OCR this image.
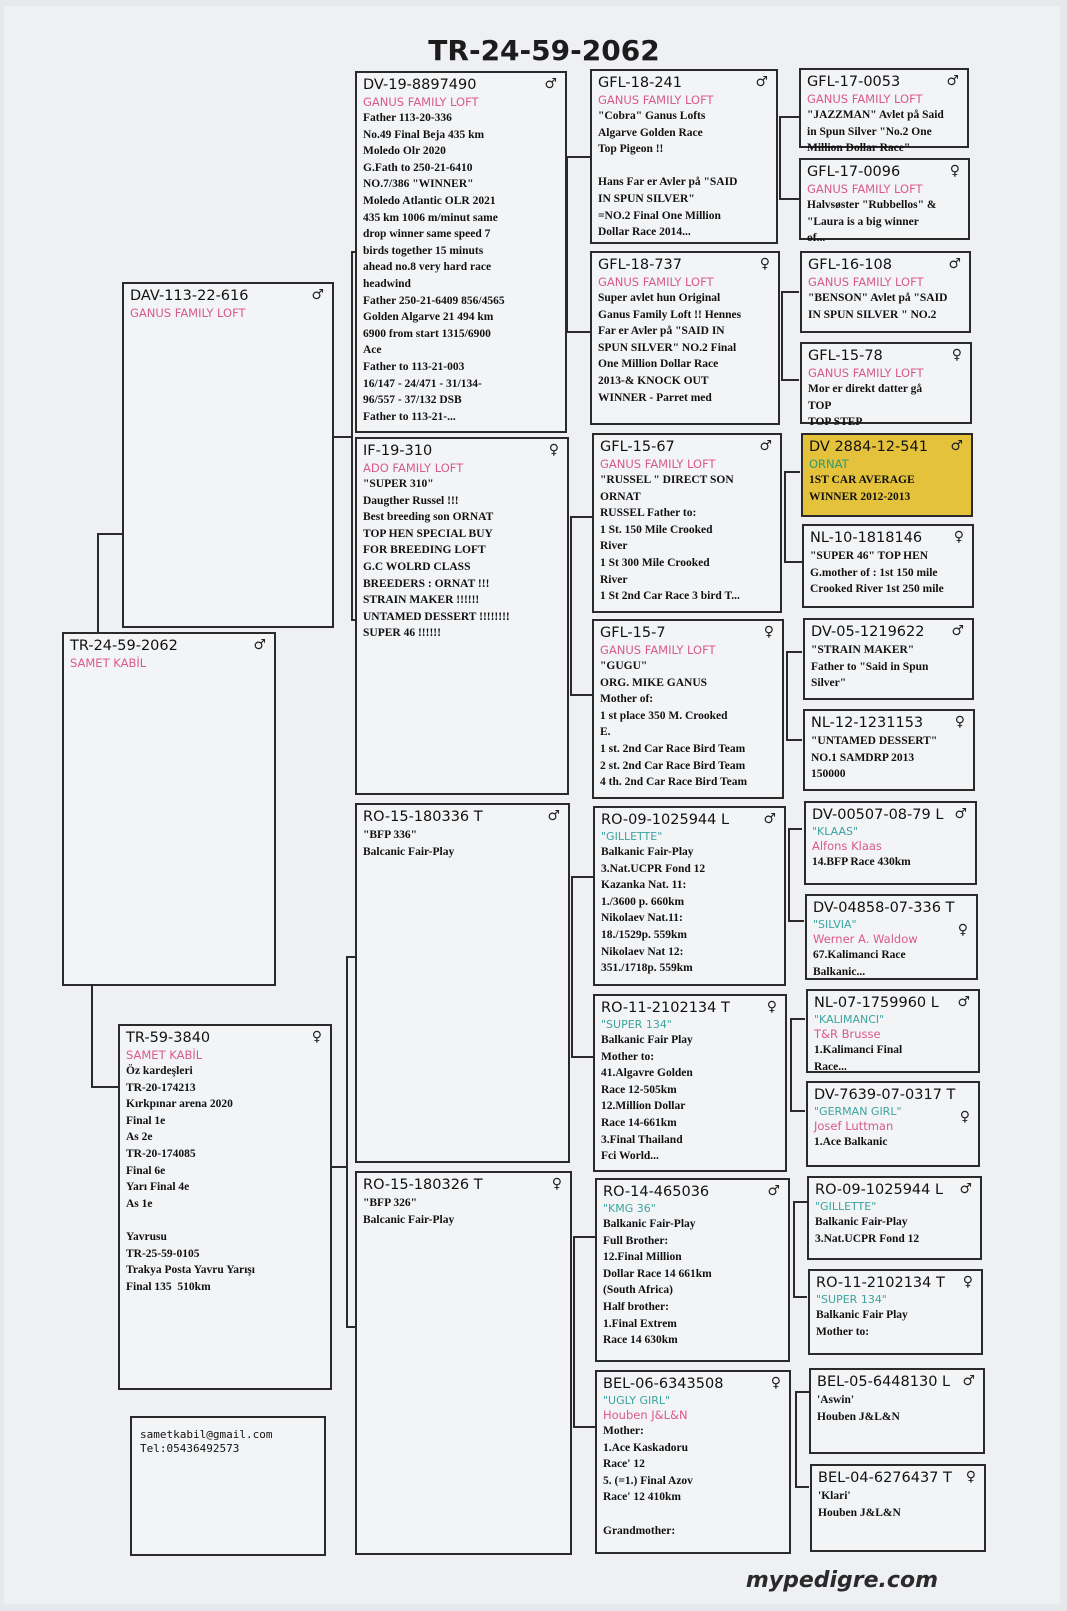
TR-24-59-2062
TR-24-59-2062	♂
SAMET KABİL
DAV-113-22-616	♂
GANUS FAMILY LOFT
TR-59-3840	♀
SAMET KABİL
Öz kardeşleri
TR-20-174213
Kırkpınar arena 2020
Final 1e
As 2e
TR-20-174085
Final 6e
Yarı Final 4e
As 1e

Yavrusu
TR-25-59-0105
Trakya Posta Yavru Yarışı
Final 135  510km
sametkabil@gmail.com
Tel:05436492573
DV-19-8897490	♂
GANUS FAMILY LOFT
Father 113-20-336
No.49 Final Beja 435 km
Moledo Olr 2020
G.Fath to 250-21-6410
NO.7/386 "WINNER"
Moledo Atlantic OLR 2021
435 km 1006 m/minut same
drop winner same speed 7
birds together 15 minuts
ahead no.8 very hard race
headwind
Father 250-21-6409 856/4565
Golden Algarve 21 494 km
6900 from start 1315/6900
Ace
Father to 113-21-003
16/147 - 24/471 - 31/134-
96/557 - 37/132 DSB
Father to 113-21-...
IF-19-310	♀
ADO FAMILY LOFT
"SUPER 310"
Daugther Russel !!!
Best breeding son ORNAT
TOP HEN SPECIAL BUY
FOR BREEDING LOFT
G.C WOLRD CLASS
BREEDERS : ORNAT !!!
STRAIN MAKER !!!!!!
UNTAMED DESSERT !!!!!!!!
SUPER 46 !!!!!!
RO-15-180336 T	♂
"BFP 336"
Balcanic Fair-Play
RO-15-180326 T	♀
"BFP 326"
Balcanic Fair-Play
GFL-18-241	♂
GANUS FAMILY LOFT
"Cobra" Ganus Lofts
Algarve Golden Race
Top Pigeon !!

Hans Far er Avler på "SAID
IN SPUN SILVER"
=NO.2 Final One Million
Dollar Race 2014...
GFL-18-737	♀
GANUS FAMILY LOFT
Super avlet hun Original
Ganus Family Loft !! Hennes
Far er Avler på "SAID IN
SPUN SILVER" NO.2 Final
One Million Dollar Race
2013-& KNOCK OUT
WINNER - Parret med
GFL-15-67	♂
GANUS FAMILY LOFT
"RUSSEL " DIRECT SON
ORNAT
RUSSEL Father to:
1 St. 150 Mile Crooked
River
1 St 300 Mile Crooked
River
1 St 2nd Car Race 3 bird T...
GFL-15-7	♀
GANUS FAMILY LOFT
"GUGU"
ORG. MIKE GANUS
Mother of:
1 st place 350 M. Crooked
E.
1 st. 2nd Car Race Bird Team
2 st. 2nd Car Race Bird Team
4 th. 2nd Car Race Bird Team
RO-09-1025944 L	♂
"GILLETTE"
Balkanic Fair-Play
3.Nat.UCPR Fond 12
Kazanka Nat. 11:
1./3600 p. 660km
Nikolaev Nat.11:
18./1529p. 559km
Nikolaev Nat 12:
351./1718p. 559km
RO-11-2102134 T	♀
"SUPER 134"
Balkanic Fair Play
Mother to:
41.Algavre Golden
Race 12-505km
12.Million Dollar
Race 14-661km
3.Final Thailand
Fci World...
RO-14-465036	♂
"KMG 36"
Balkanic Fair-Play
Full Brother:
12.Final Million
Dollar Race 14 661km
(South Africa)
Half brother:
1.Final Extrem
Race 14 630km
BEL-06-6343508	♀
"UGLY GIRL"
Houben J&L&N
Mother:
1.Ace Kaskadoru
Race' 12
5. (=1.) Final Azov
Race' 12 410km

Grandmother:
GFL-17-0053	♂
GANUS FAMILY LOFT
"JAZZMAN" Avlet på Said
in Spun Silver "No.2 One
Million Dollar Race"
GFL-17-0096	♀
GANUS FAMILY LOFT
Halvsøster "Rubbellos" &
"Laura is a big winner
of...
GFL-16-108	♂
GANUS FAMILY LOFT
"BENSON" Avlet på "SAID
IN SPUN SILVER " NO.2
GFL-15-78	♀
GANUS FAMILY LOFT
Mor er direkt datter gå
TOP
TOP STEP
DV 2884-12-541	♂
ORNAT
1ST CAR AVERAGE
WINNER 2012-2013
NL-10-1818146	♀
"SUPER 46" TOP HEN
G.mother of : 1st 150 mile
Crooked River 1st 250 mile
DV-05-1219622	♂
"STRAIN MAKER"
Father to "Said in Spun
Silver"
NL-12-1231153	♀
"UNTAMED DESSERT"
NO.1 SAMDRP 2013
150000
DV-00507-08-79 L ♂
"KLAAS"
Alfons Klaas
14.BFP Race 430km
DV-04858-07-336 T
♀
"SILVIA"
Werner A. Waldow
67.Kalimanci Race
Balkanic...
NL-07-1759960 L	♂
"KALIMANCI"
T&R Brusse
1.Kalimanci Final
Race...
DV-7639-07-0317 T
♀
"GERMAN GIRL"
Josef Luttman
1.Ace Balkanic
RO-09-1025944 L	♂
"GILLETTE"
Balkanic Fair-Play
3.Nat.UCPR Fond 12
RO-11-2102134 T	♀
"SUPER 134"
Balkanic Fair Play
Mother to:
BEL-05-6448130 L ♂
'Aswin'
Houben J&L&N
BEL-04-6276437 T ♀
'Klari'
Houben J&L&N
mypedigre.com
